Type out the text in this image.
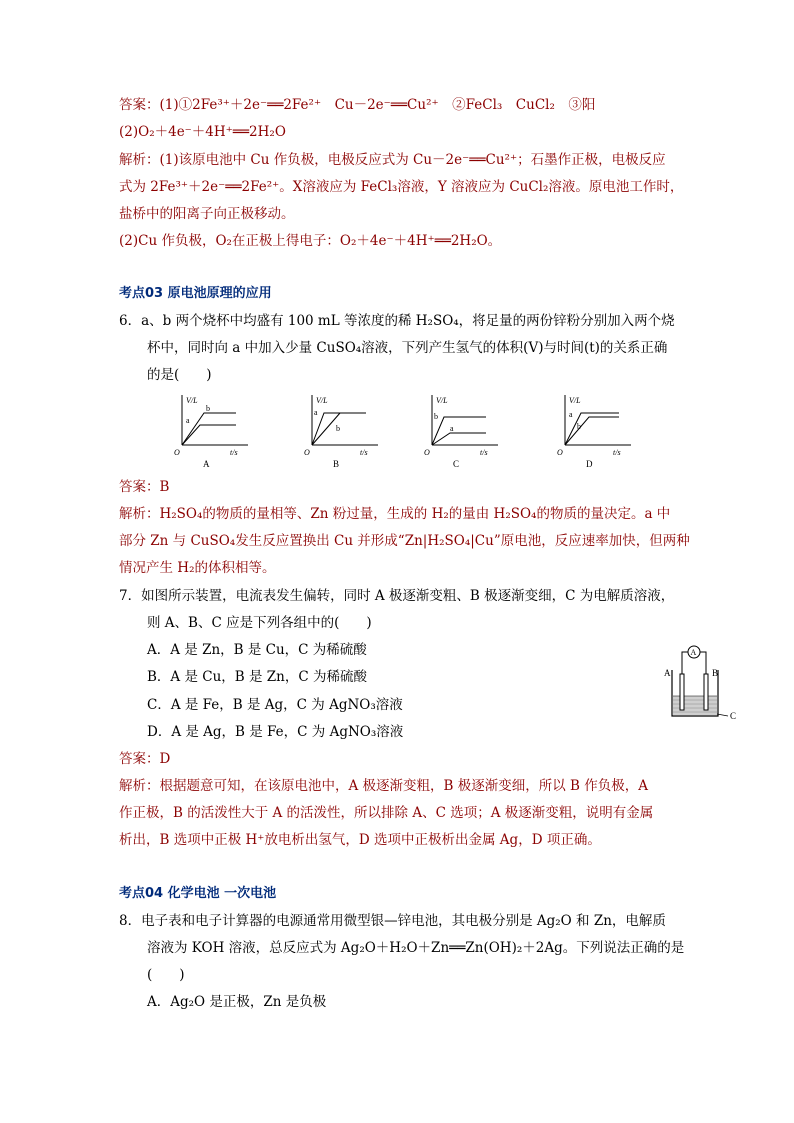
答案：(1)①2Fe³⁺＋2e⁻══2Fe²⁺　Cu－2e⁻══Cu²⁺　②FeCl₃　CuCl₂　③阳
(2)O₂＋4e⁻＋4H⁺══2H₂O
解析：(1)该原电池中 Cu 作负极，电极反应式为 Cu－2e⁻══Cu²⁺；石墨作正极，电极反应
式为 2Fe³⁺＋2e⁻══2Fe²⁺。X溶液应为 FeCl₃溶液，Y 溶液应为 CuCl₂溶液。原电池工作时，
盐桥中的阳离子向正极移动。
(2)Cu 作负极，O₂在正极上得电子：O₂＋4e⁻＋4H⁺══2H₂O。
考点03 原电池原理的应用
6．a、b 两个烧杯中均盛有 100 mL 等浓度的稀 H₂SO₄，将足量的两份锌粉分别加入两个烧
杯中，同时向 a 中加入少量 CuSO₄溶液，下列产生氢气的体积(V)与时间(t)的关系正确
的是(　　)
V/L
a
b
O	t/s
A
V/L
a
b
O	t/s
B
V/L
b
a
O	t/s
C
V/L
a
b
O	t/s
D
答案：B
解析：H₂SO₄的物质的量相等、Zn 粉过量，生成的 H₂的量由 H₂SO₄的物质的量决定。a 中
部分 Zn 与 CuSO₄发生反应置换出 Cu 并形成“Zn|H₂SO₄|Cu”原电池，反应速率加快，但两种
情况产生 H₂的体积相等。
7．如图所示装置，电流表发生偏转，同时 A 极逐渐变粗、B 极逐渐变细，C 为电解质溶液，
则 A、B、C 应是下列各组中的(　　)
A．A 是 Zn，B 是 Cu，C 为稀硫酸
B．A 是 Cu，B 是 Zn，C 为稀硫酸
C．A 是 Fe，B 是 Ag，C 为 AgNO₃溶液
D．A 是 Ag，B 是 Fe，C 为 AgNO₃溶液
A
A	B
C
答案：D
解析：根据题意可知，在该原电池中，A 极逐渐变粗，B 极逐渐变细，所以 B 作负极，A
作正极，B 的活泼性大于 A 的活泼性，所以排除 A、C 选项；A 极逐渐变粗，说明有金属
析出，B 选项中正极 H⁺放电析出氢气，D 选项中正极析出金属 Ag，D 项正确。
考点04 化学电池 一次电池
8．电子表和电子计算器的电源通常用微型银—锌电池，其电极分别是 Ag₂O 和 Zn，电解质
溶液为 KOH 溶液，总反应式为 Ag₂O＋H₂O＋Zn══Zn(OH)₂＋2Ag。下列说法正确的是
(　　)
A．Ag₂O 是正极，Zn 是负极
